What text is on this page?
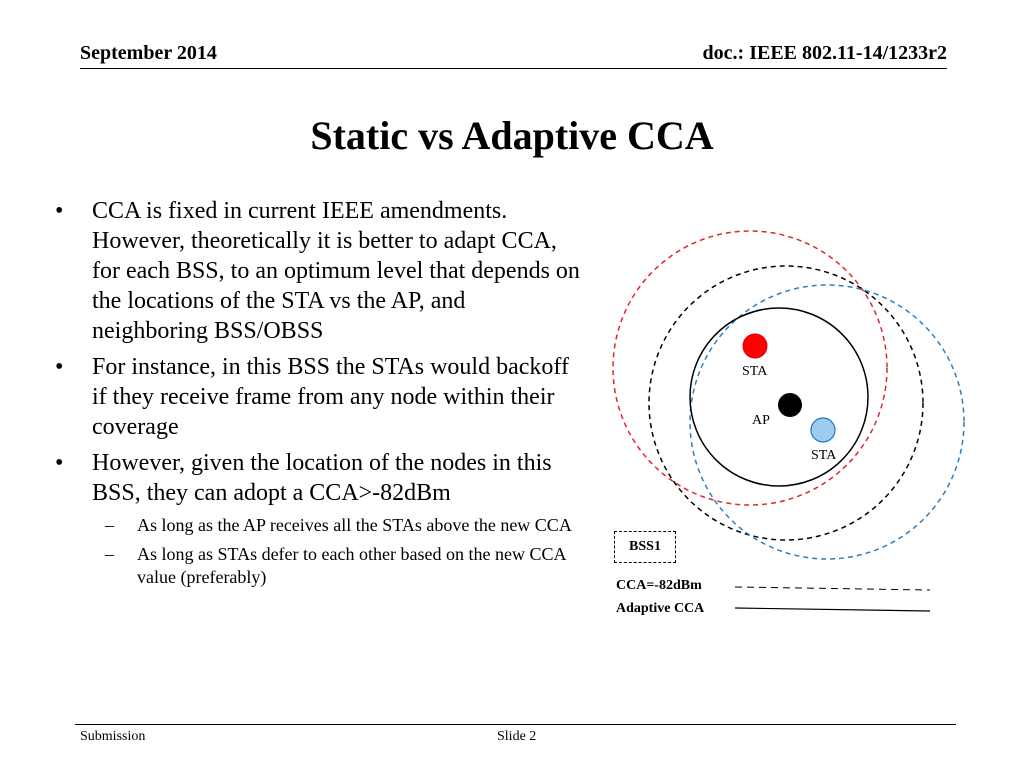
September 2014	doc.: IEEE 802.11-14/1233r2
Static vs Adaptive CCA
• CCA is fixed in current IEEE amendments. However, theoretically it is better to adapt CCA, for each BSS, to an optimum level that depends on the locations of the STA vs the AP, and neighboring BSS/OBSS
• For instance, in this BSS the STAs would backoff if they receive frame from any node within their coverage
• However, given the location of the nodes in this BSS, they can adopt a CCA>-82dBm
– As long as the AP receives all the STAs above the new CCA
– As long as STAs defer to each other based on the new CCA value (preferably)
STA
AP
STA
BSS1
CCA=-82dBm
Adaptive CCA
Submission	Slide 2
